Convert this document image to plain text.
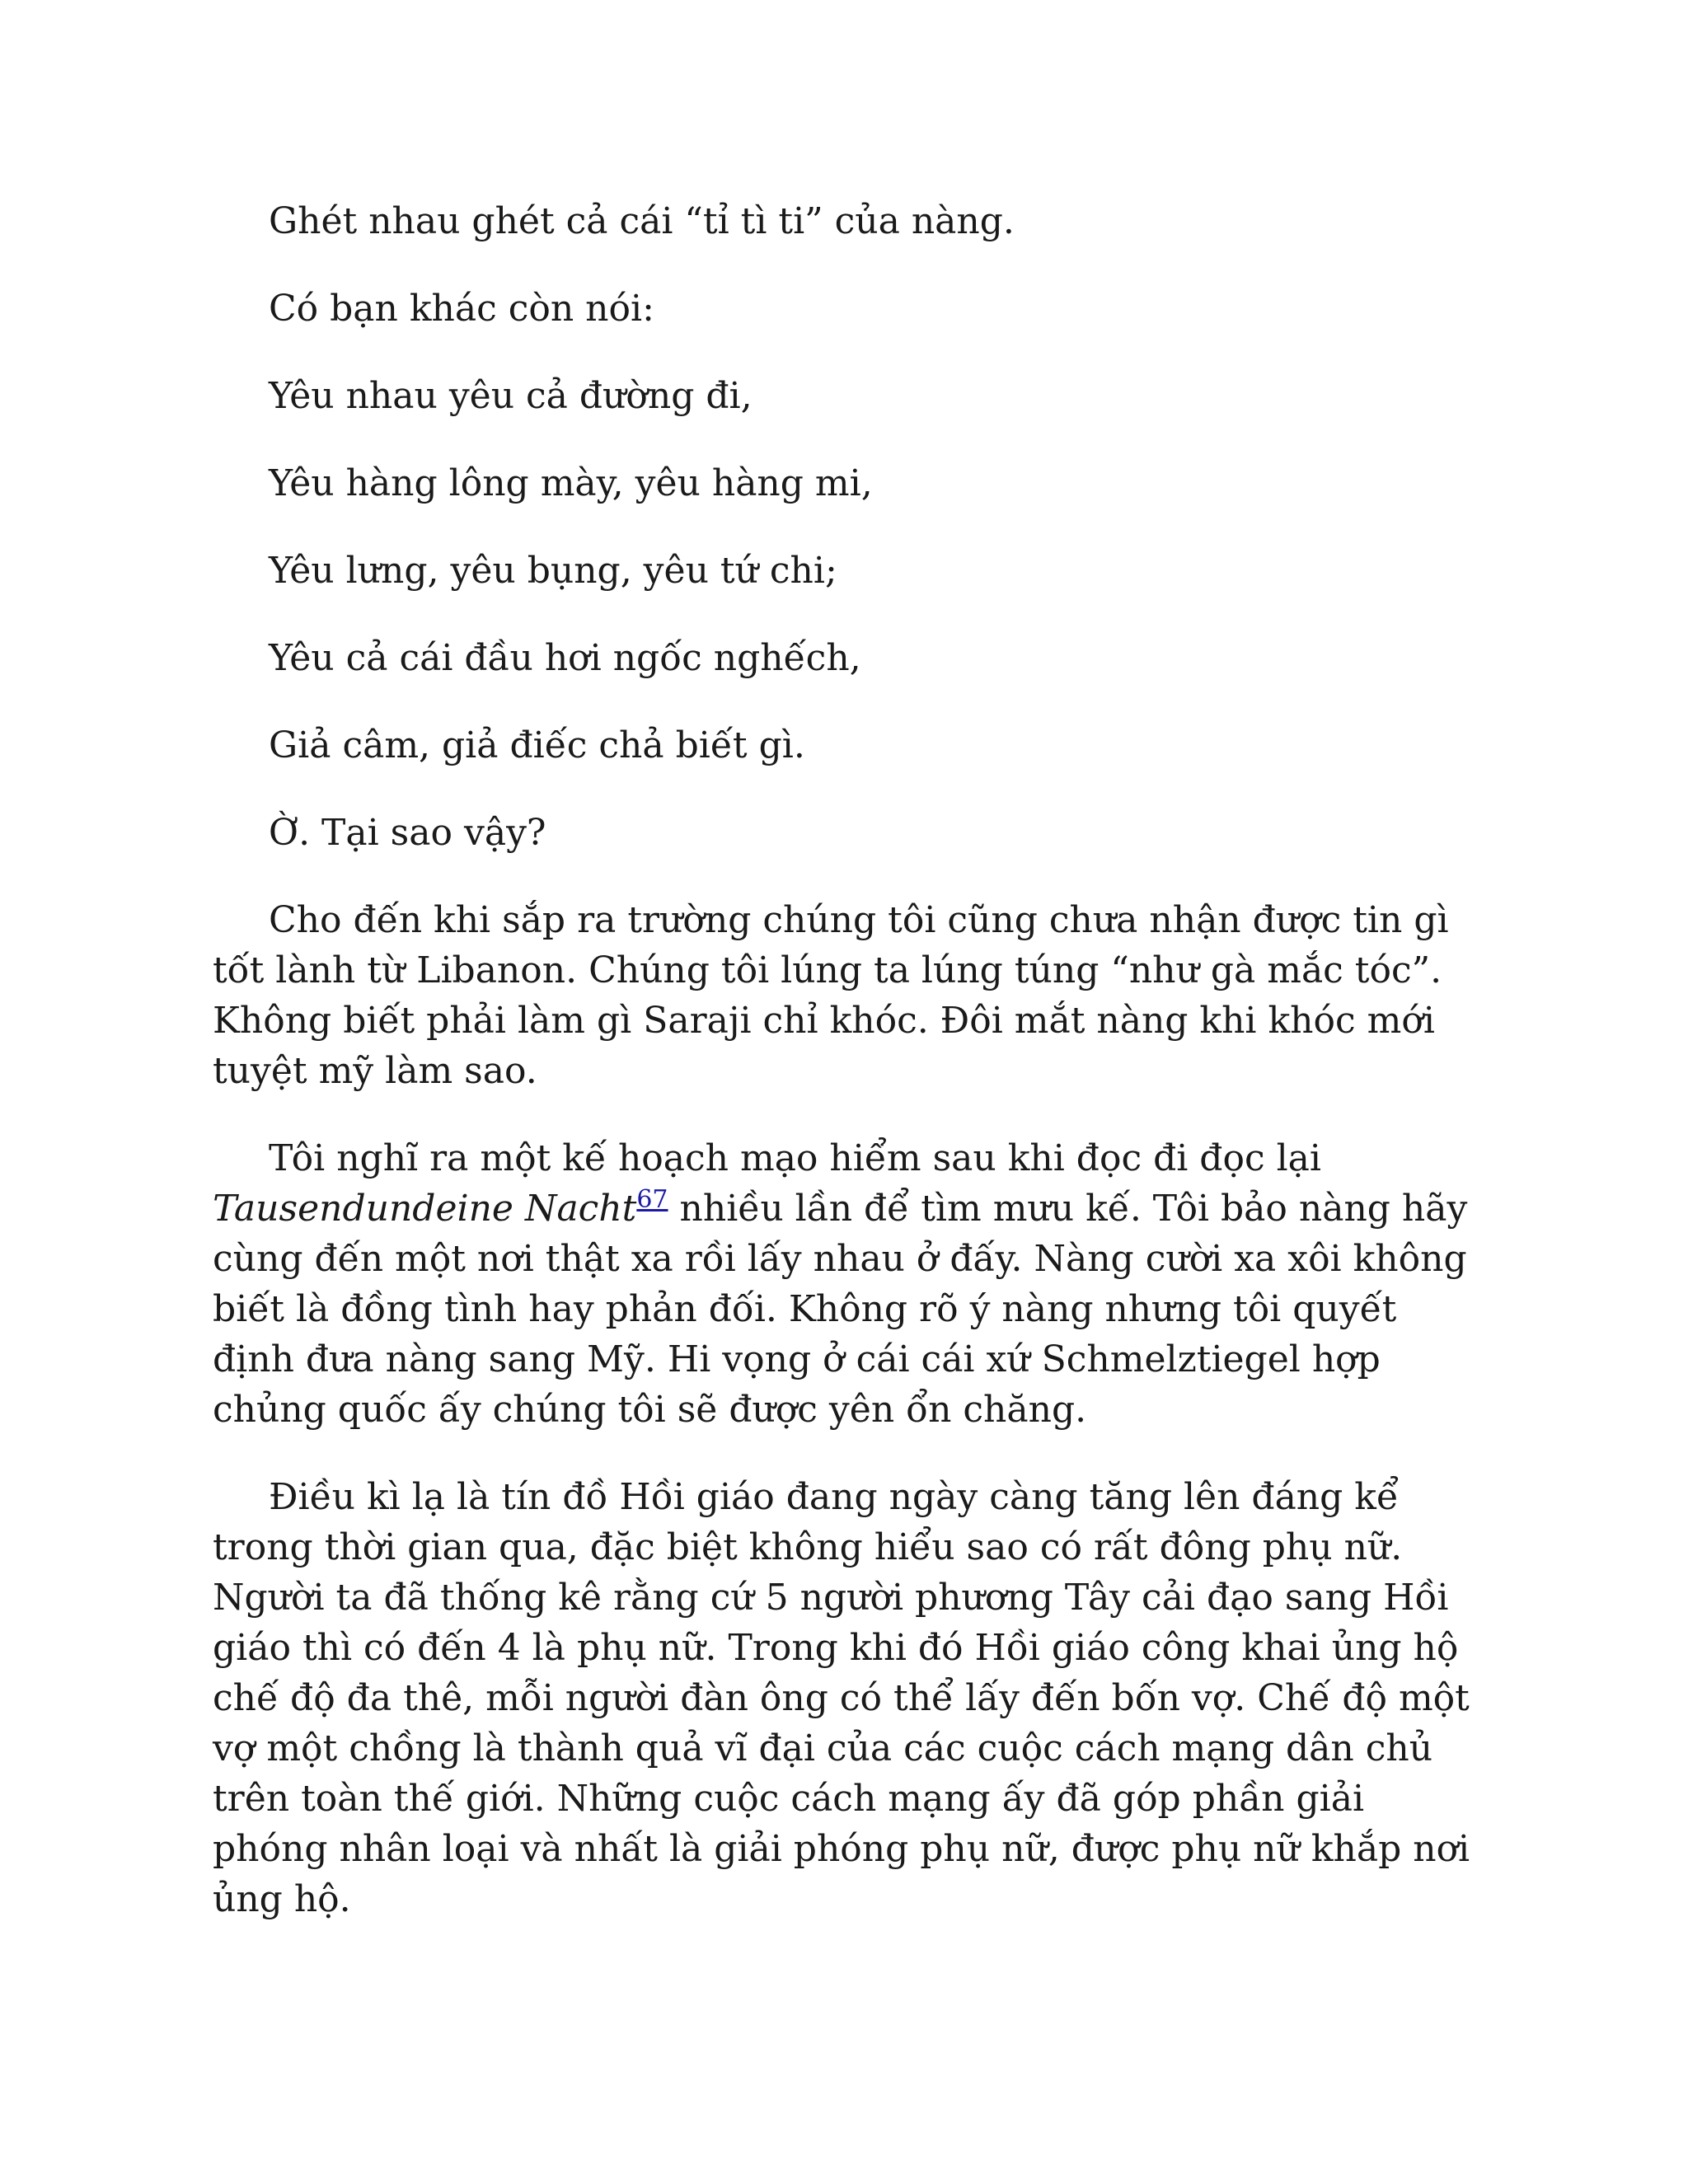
Ghét nhau ghét cả cái “tỉ tì ti” của nàng.

Có bạn khác còn nói:

Yêu nhau yêu cả đường đi,

Yêu hàng lông mày, yêu hàng mi,

Yêu lưng, yêu bụng, yêu tứ chi;

Yêu cả cái đầu hơi ngốc nghếch,

Giả câm, giả điếc chả biết gì.

Ờ. Tại sao vậy?

Cho đến khi sắp ra trường chúng tôi cũng chưa nhận được tin gì tốt lành từ Libanon. Chúng tôi lúng ta lúng túng “như gà mắc tóc”. Không biết phải làm gì Saraji chỉ khóc. Đôi mắt nàng khi khóc mới tuyệt mỹ làm sao.

Tôi nghĩ ra một kế hoạch mạo hiểm sau khi đọc đi đọc lại Tausendundeine Nacht$^{67}$ nhiều lần để tìm mưu kế. Tôi bảo nàng hãy cùng đến một nơi thật xa rồi lấy nhau ở đấy. Nàng cười xa xôi không biết là đồng tình hay phản đối. Không rõ ý nàng nhưng tôi quyết định đưa nàng sang Mỹ. Hi vọng ở cái cái xứ Schmelztiegel hợp chủng quốc ấy chúng tôi sẽ được yên ổn chăng.

Điều kì lạ là tín đồ Hồi giáo đang ngày càng tăng lên đáng kể trong thời gian qua, đặc biệt không hiểu sao có rất đông phụ nữ. Người ta đã thống kê rằng cứ 5 người phương Tây cải đạo sang Hồi giáo thì có đến 4 là phụ nữ. Trong khi đó Hồi giáo công khai ủng hộ chế độ đa thê, mỗi người đàn ông có thể lấy đến bốn vợ. Chế độ một vợ một chồng là thành quả vĩ đại của các cuộc cách mạng dân chủ trên toàn thế giới. Những cuộc cách mạng ấy đã góp phần giải phóng nhân loại và nhất là giải phóng phụ nữ, được phụ nữ khắp nơi ủng hộ.
